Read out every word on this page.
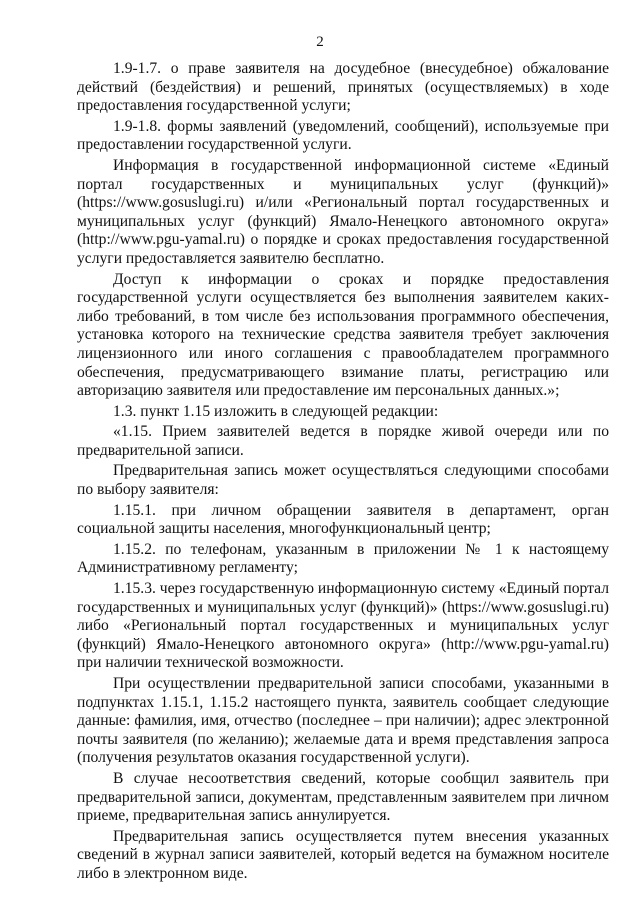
2

1.9-1.7. о праве заявителя на досудебное (внесудебное) обжалование действий (бездействия) и решений, принятых (осуществляемых) в ходе предоставления государственной услуги;

1.9-1.8. формы заявлений (уведомлений, сообщений), используемые при предоставлении государственной услуги.

Информация в государственной информационной системе «Единый портал государственных и муниципальных услуг (функций)» (https://www.gosuslugi.ru) и/или «Региональный портал государственных и муниципальных услуг (функций) Ямало-Ненецкого автономного округа» (http://www.pgu-yamal.ru) о порядке и сроках предоставления государственной услуги предоставляется заявителю бесплатно.

Доступ к информации о сроках и порядке предоставления государственной услуги осуществляется без выполнения заявителем каких-либо требований, в том числе без использования программного обеспечения, установка которого на технические средства заявителя требует заключения лицензионного или иного соглашения с правообладателем программного обеспечения, предусматривающего взимание платы, регистрацию или авторизацию заявителя или предоставление им персональных данных.»;

1.3. пункт 1.15 изложить в следующей редакции:

«1.15. Прием заявителей ведется в порядке живой очереди или по предварительной записи.

Предварительная запись может осуществляться следующими способами по выбору заявителя:

1.15.1. при личном обращении заявителя в департамент, орган социальной защиты населения, многофункциональный центр;

1.15.2. по телефонам, указанным в приложении № 1 к настоящему Административному регламенту;

1.15.3. через государственную информационную систему «Единый портал государственных и муниципальных услуг (функций)» (https://www.gosuslugi.ru) либо «Региональный портал государственных и муниципальных услуг (функций) Ямало-Ненецкого автономного округа» (http://www.pgu-yamal.ru) при наличии технической возможности.

При осуществлении предварительной записи способами, указанными в подпунктах 1.15.1, 1.15.2 настоящего пункта, заявитель сообщает следующие данные: фамилия, имя, отчество (последнее – при наличии); адрес электронной почты заявителя (по желанию); желаемые дата и время представления запроса (получения результатов оказания государственной услуги).

В случае несоответствия сведений, которые сообщил заявитель при предварительной записи, документам, представленным заявителем при личном приеме, предварительная запись аннулируется.

Предварительная запись осуществляется путем внесения указанных сведений в журнал записи заявителей, который ведется на бумажном носителе либо в электронном виде.
